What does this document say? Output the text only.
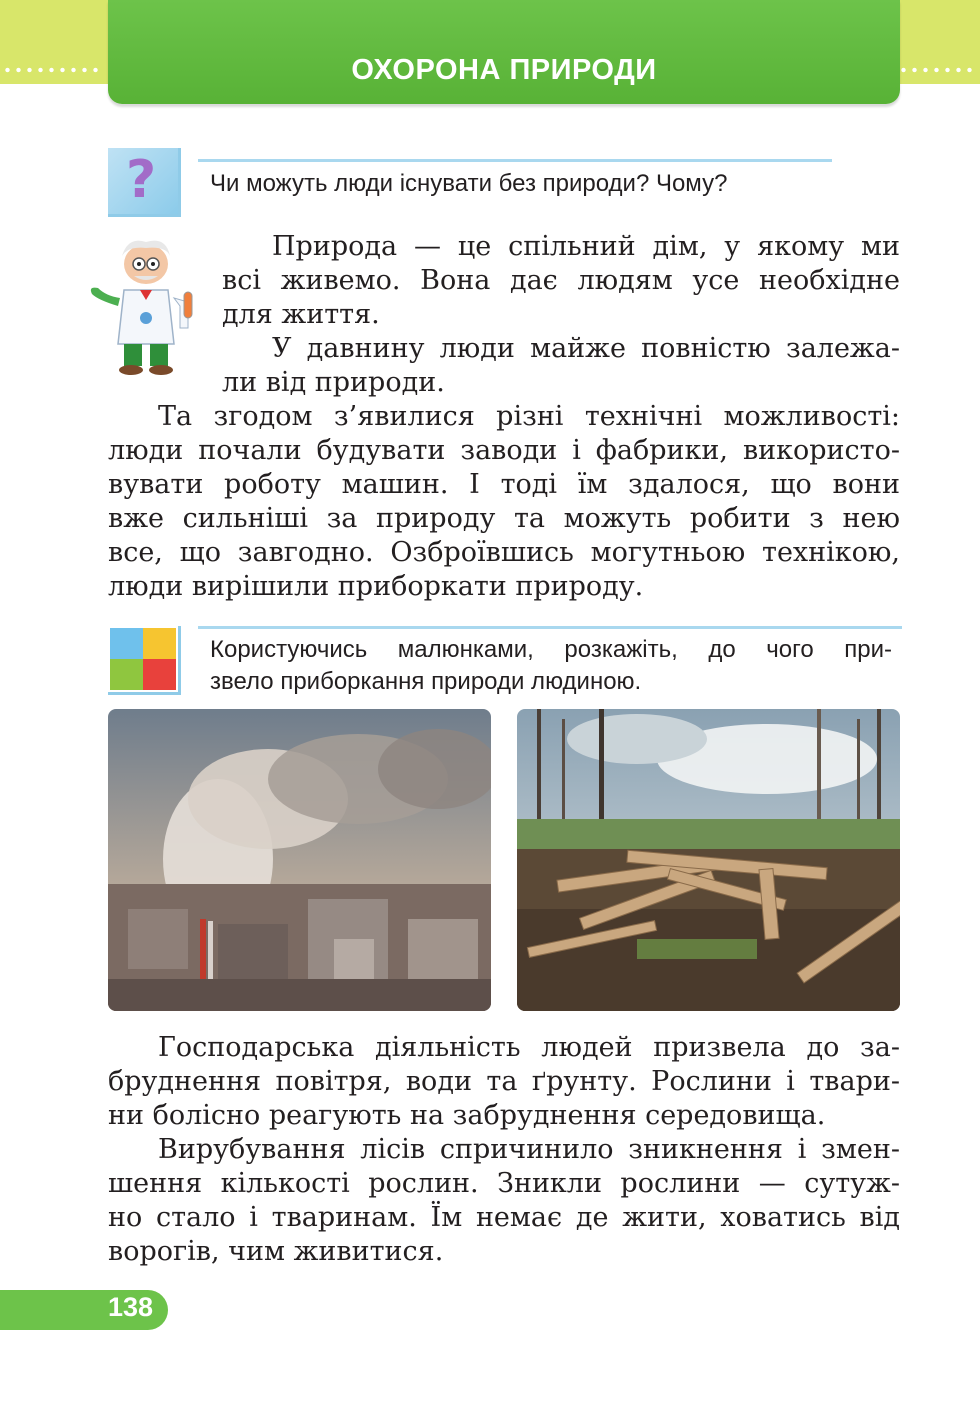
ОХОРОНА ПРИРОДИ
? Чи можуть люди існувати без природи? Чому?
Природа — це спільний дім, у якому ми
всі живемо. Вона дає людям усе необхідне
для життя.
У давнину люди майже повністю залежа-
ли від природи.
Та згодом з’явилися різні технічні можливості:
люди почали будувати заводи і фабрики, використо-
вувати роботу машин. І тоді їм здалося, що вони
вже сильніші за природу та можуть робити з нею
все, що завгодно. Озброївшись могутньою технікою,
люди вирішили приборкати природу.
Користуючись малюнками, розкажіть, до чого при-
звело приборкання природи людиною.
Господарська діяльність людей призвела до за-
бруднення повітря, води та ґрунту. Рослини і твари-
ни болісно реагують на забруднення середовища.
Вирубування лісів спричинило зникнення і змен-
шення кількості рослин. Зникли рослини — сутуж-
но стало і тваринам. Їм немає де жити, ховатись від
ворогів, чим живитися.
138
